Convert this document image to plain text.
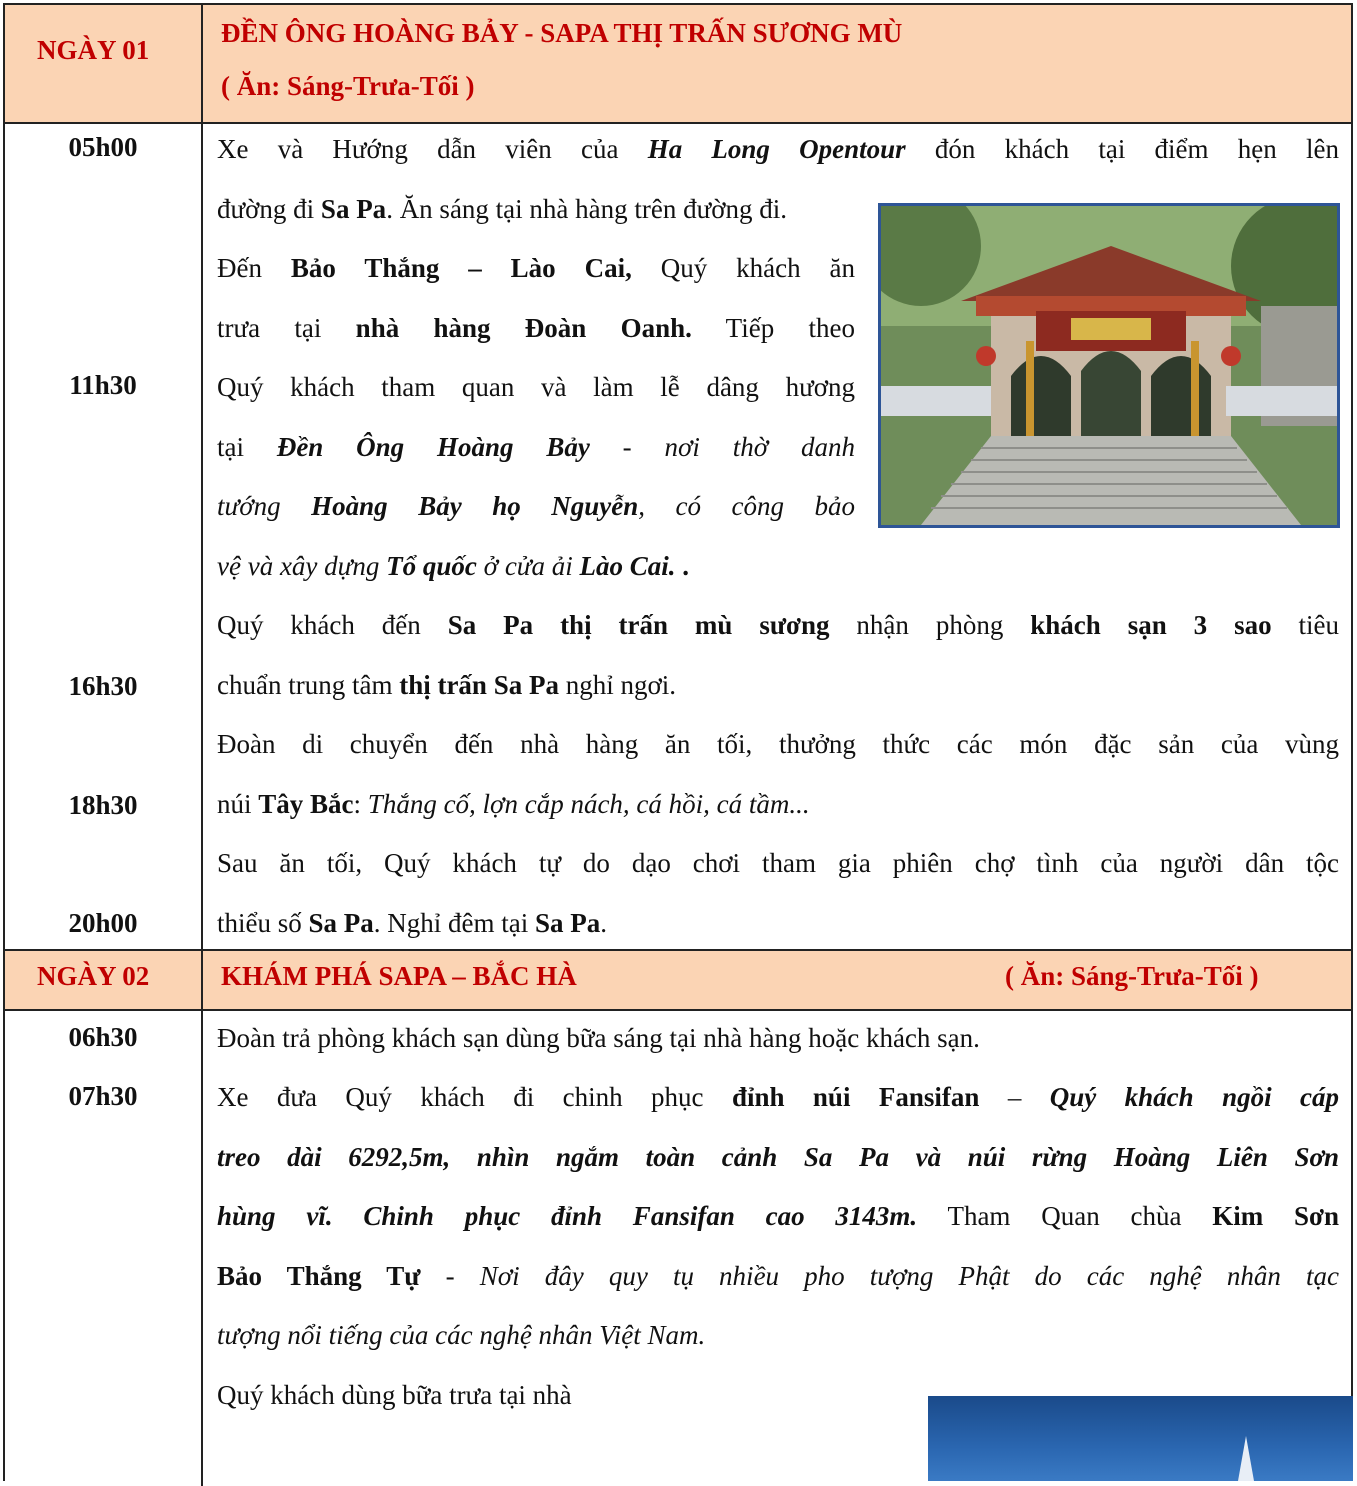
NGÀY 01
ĐỀN ÔNG HOÀNG BẢY - SAPA THỊ TRẤN SƯƠNG MÙ
( Ăn: Sáng-Trưa-Tối )
05h00
11h30
16h30
18h30
20h00
Xe và Hướng dẫn viên của Ha Long Opentour đón khách tại điểm hẹn lên
đường đi Sa Pa. Ăn sáng tại nhà hàng trên đường đi.
Đến Bảo Thắng – Lào Cai, Quý khách ăn
trưa tại nhà hàng Đoàn Oanh. Tiếp theo
Quý khách tham quan và làm lễ dâng hương
tại Đền Ông Hoàng Bảy - nơi thờ danh
tướng Hoàng Bảy họ Nguyễn, có công bảo
vệ và xây dựng Tổ quốc ở cửa ải Lào Cai. .
Quý khách đến Sa Pa thị trấn mù sương nhận phòng khách sạn 3 sao tiêu
chuẩn trung tâm thị trấn Sa Pa nghỉ ngơi.
Đoàn di chuyển đến nhà hàng ăn tối, thưởng thức các món đặc sản của vùng
núi Tây Bắc: Thắng cố, lợn cắp nách, cá hồi, cá tầm...
Sau ăn tối, Quý khách tự do dạo chơi tham gia phiên chợ tình của người dân tộc
thiểu số Sa Pa. Nghỉ đêm tại Sa Pa.
NGÀY 02	KHÁM PHÁ SAPA – BẮC HÀ	( Ăn: Sáng-Trưa-Tối )
06h30
07h30
Đoàn trả phòng khách sạn dùng bữa sáng tại nhà hàng hoặc khách sạn.
Xe đưa Quý khách đi chinh phục đỉnh núi Fansifan – Quý khách ngồi cáp
treo dài 6292,5m, nhìn ngắm toàn cảnh Sa Pa và núi rừng Hoàng Liên Sơn
hùng vĩ. Chinh phục đỉnh Fansifan cao 3143m. Tham Quan chùa Kim Sơn
Bảo Thắng Tự - Nơi đây quy tụ nhiều pho tượng Phật do các nghệ nhân tạc
tượng nổi tiếng của các nghệ nhân Việt Nam.
Quý khách dùng bữa trưa tại nhà
